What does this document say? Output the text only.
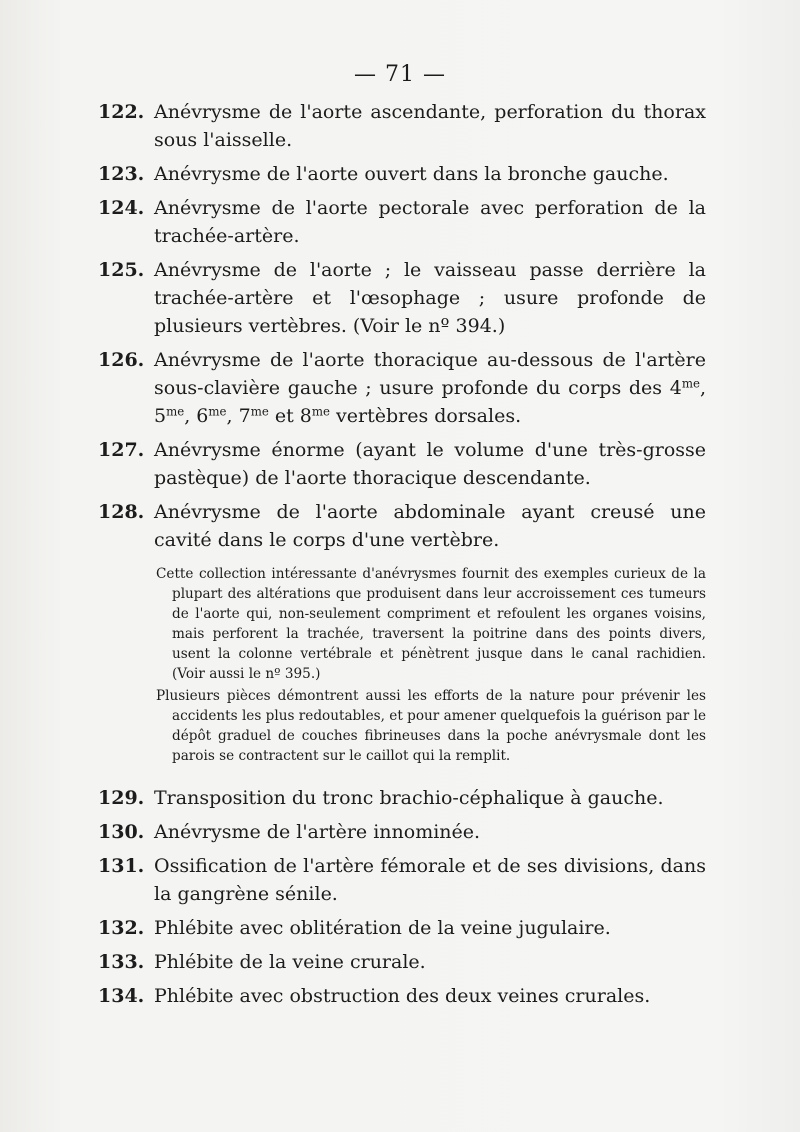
— 71 —
122. Anévrysme de l'aorte ascendante, perforation du thorax sous l'aisselle.
123. Anévrysme de l'aorte ouvert dans la bronche gauche.
124. Anévrysme de l'aorte pectorale avec perforation de la trachée-artère.
125. Anévrysme de l'aorte ; le vaisseau passe derrière la trachée-artère et l'œsophage ; usure profonde de plusieurs vertèbres. (Voir le nº 394.)
126. Anévrysme de l'aorte thoracique au-dessous de l'artère sous-clavière gauche ; usure profonde du corps des $4^{me}$, $5^{me}$, $6^{me}$, $7^{me}$ et $8^{me}$ vertèbres dorsales.
127. Anévrysme énorme (ayant le volume d'une très-grosse pastèque) de l'aorte thoracique descendante.
128. Anévrysme de l'aorte abdominale ayant creusé une cavité dans le corps d'une vertèbre.

Cette collection intéressante d'anévrysmes fournit des exemples curieux de la plupart des altérations que produisent dans leur accroissement ces tumeurs de l'aorte qui, non-seulement compriment et refoulent les organes voisins, mais perforent la trachée, traversent la poitrine dans des points divers, usent la colonne vertébrale et pénètrent jusque dans le canal rachidien. (Voir aussi le nº 395.)

Plusieurs pièces démontrent aussi les efforts de la nature pour prévenir les accidents les plus redoutables, et pour amener quelquefois la guérison par le dépôt graduel de couches fibrineuses dans la poche anévrysmale dont les parois se contractent sur le caillot qui la remplit.

129. Transposition du tronc brachio-céphalique à gauche.
130. Anévrysme de l'artère innominée.
131. Ossification de l'artère fémorale et de ses divisions, dans la gangrène sénile.
132. Phlébite avec oblitération de la veine jugulaire.
133. Phlébite de la veine crurale.
134. Phlébite avec obstruction des deux veines crurales.
